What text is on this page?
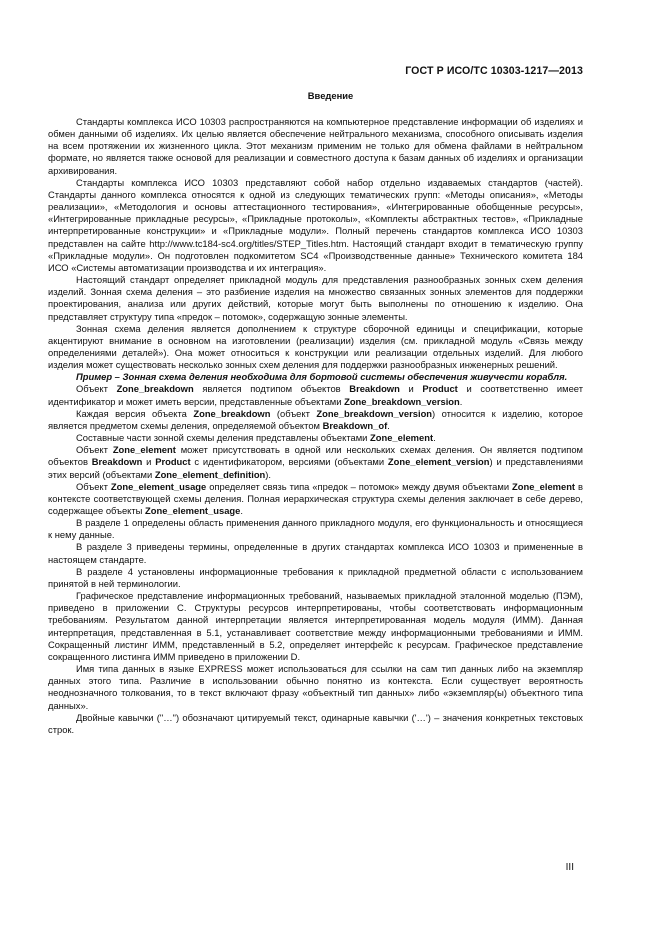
ГОСТ Р ИСО/ТС 10303-1217—2013
Введение

Стандарты комплекса ИСО 10303 распространяются на компьютерное представление информации об изделиях и обмен данными об изделиях. Их целью является обеспечение нейтрального механизма, способного описывать изделия на всем протяжении их жизненного цикла. Этот механизм применим не только для обмена файлами в нейтральном формате, но является также основой для реализации и совместного доступа к базам данных об изделиях и организации архивирования.

Стандарты комплекса ИСО 10303 представляют собой набор отдельно издаваемых стандартов (частей). Стандарты данного комплекса относятся к одной из следующих тематических групп: «Методы описания», «Методы реализации», «Методология и основы аттестационного тестирования», «Интегрированные обобщенные ресурсы», «Интегрированные прикладные ресурсы», «Прикладные протоколы», «Комплекты абстрактных тестов», «Прикладные интерпретированные конструкции» и «Прикладные модули». Полный перечень стандартов комплекса ИСО 10303 представлен на сайте http://www.tc184-sc4.org/titles/STEP_Titles.htm. Настоящий стандарт входит в тематическую группу «Прикладные модули». Он подготовлен подкомитетом SC4 «Производственные данные» Технического комитета 184 ИСО «Системы автоматизации производства и их интеграция».

Настоящий стандарт определяет прикладной модуль для представления разнообразных зонных схем деления изделий. Зонная схема деления – это разбиение изделия на множество связанных зонных элементов для поддержки проектирования, анализа или других действий, которые могут быть выполнены по отношению к изделию. Она представляет структуру типа «предок – потомок», содержащую зонные элементы.

Зонная схема деления является дополнением к структуре сборочной единицы и спецификации, которые акцентируют внимание в основном на изготовлении (реализации) изделия (см. прикладной модуль «Связь между определениями деталей»). Она может относиться к конструкции или реализации отдельных изделий. Для любого изделия может существовать несколько зонных схем деления для поддержки разнообразных инженерных решений.

Пример – Зонная схема деления необходима для бортовой системы обеспечения живучести корабля.

Объект Zone_breakdown является подтипом объектов Breakdown и Product и соответственно имеет идентификатор и может иметь версии, представленные объектами Zone_breakdown_version.

Каждая версия объекта Zone_breakdown (объект Zone_breakdown_version) относится к изделию, которое является предметом схемы деления, определяемой объектом Breakdown_of.

Составные части зонной схемы деления представлены объектами Zone_element.

Объект Zone_element может присутствовать в одной или нескольких схемах деления. Он является подтипом объектов Breakdown и Product с идентификатором, версиями (объектами Zone_element_version) и представлениями этих версий (объектами Zone_element_definition).

Объект Zone_element_usage определяет связь типа «предок – потомок» между двумя объектами Zone_element в контексте соответствующей схемы деления. Полная иерархическая структура схемы деления заключает в себе дерево, содержащее объекты Zone_element_usage.

В разделе 1 определены область применения данного прикладного модуля, его функциональность и относящиеся к нему данные.

В разделе 3 приведены термины, определенные в других стандартах комплекса ИСО 10303 и примененные в настоящем стандарте.

В разделе 4 установлены информационные требования к прикладной предметной области с использованием принятой в ней терминологии.

Графическое представление информационных требований, называемых прикладной эталонной моделью (ПЭМ), приведено в приложении С. Структуры ресурсов интерпретированы, чтобы соответствовать информационным требованиям. Результатом данной интерпретации является интерпретированная модель модуля (ИММ). Данная интерпретация, представленная в 5.1, устанавливает соответствие между информационными требованиями и ИММ. Сокращенный листинг ИММ, представленный в 5.2, определяет интерфейс к ресурсам. Графическое представление сокращенного листинга ИММ приведено в приложении D.

Имя типа данных в языке EXPRESS может использоваться для ссылки на сам тип данных либо на экземпляр данных этого типа. Различие в использовании обычно понятно из контекста. Если существует вероятность неоднозначного толкования, то в текст включают фразу «объектный тип данных» либо «экземпляр(ы) объектного типа данных».

Двойные кавычки ("…") обозначают цитируемый текст, одинарные кавычки ('…') – значения конкретных текстовых строк.

III
